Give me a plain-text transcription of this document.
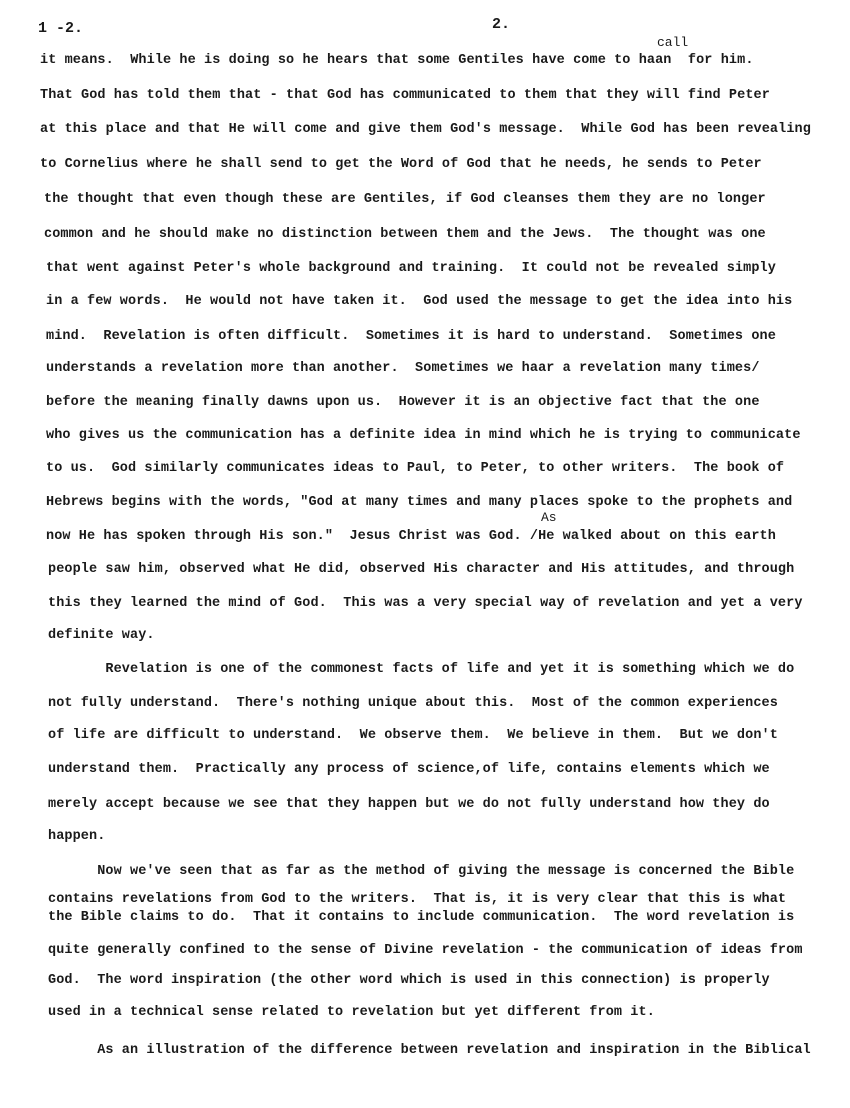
1 -2.	2.
call
As
it means.  While he is doing so he hears that some Gentiles have come to haan  for him.
That God has told them that - that God has communicated to them that they will find Peter
at this place and that He will come and give them God's message.  While God has been revealing
to Cornelius where he shall send to get the Word of God that he needs, he sends to Peter
the thought that even though these are Gentiles, if God cleanses them they are no longer
common and he should make no distinction between them and the Jews.  The thought was one
that went against Peter's whole background and training.  It could not be revealed simply
in a few words.  He would not have taken it.  God used the message to get the idea into his
mind.  Revelation is often difficult.  Sometimes it is hard to understand.  Sometimes one
understands a revelation more than another.  Sometimes we haar a revelation many times/
before the meaning finally dawns upon us.  However it is an objective fact that the one
who gives us the communication has a definite idea in mind which he is trying to communicate
to us.  God similarly communicates ideas to Paul, to Peter, to other writers.  The book of
Hebrews begins with the words, "God at many times and many places spoke to the prophets and
now He has spoken through His son."  Jesus Christ was God. /He walked about on this earth
people saw him, observed what He did, observed His character and His attitudes, and through
this they learned the mind of God.  This was a very special way of revelation and yet a very
definite way.
Revelation is one of the commonest facts of life and yet it is something which we do
not fully understand.  There's nothing unique about this.  Most of the common experiences
of life are difficult to understand.  We observe them.  We believe in them.  But we don't
understand them.  Practically any process of science,of life, contains elements which we
merely accept because we see that they happen but we do not fully understand how they do
happen.
Now we've seen that as far as the method of giving the message is concerned the Bible
contains revelations from God to the writers.  That is, it is very clear that this is what
the Bible claims to do.  That it contains to include communication.  The word revelation is
quite generally confined to the sense of Divine revelation - the communication of ideas from
God.  The word inspiration (the other word which is used in this connection) is properly
used in a technical sense related to revelation but yet different from it.
As an illustration of the difference between revelation and inspiration in the Biblical
